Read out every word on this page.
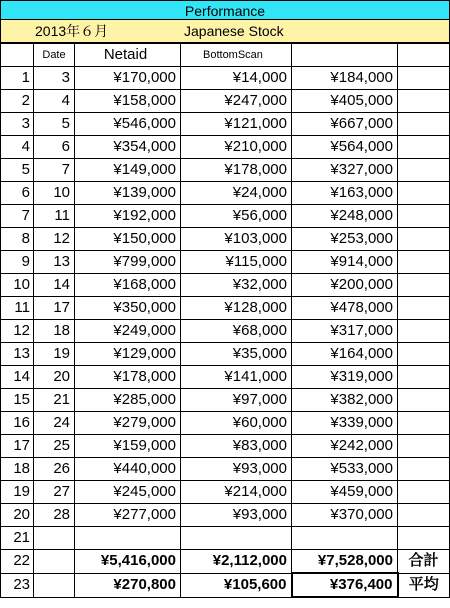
Performance
2013年６月	Japanese Stock
	Date	Netaid	BottomScan		
1	3	¥170,000	¥14,000	¥184,000	
2	4	¥158,000	¥247,000	¥405,000	
3	5	¥546,000	¥121,000	¥667,000	
4	6	¥354,000	¥210,000	¥564,000	
5	7	¥149,000	¥178,000	¥327,000	
6	10	¥139,000	¥24,000	¥163,000	
7	11	¥192,000	¥56,000	¥248,000	
8	12	¥150,000	¥103,000	¥253,000	
9	13	¥799,000	¥115,000	¥914,000	
10	14	¥168,000	¥32,000	¥200,000	
11	17	¥350,000	¥128,000	¥478,000	
12	18	¥249,000	¥68,000	¥317,000	
13	19	¥129,000	¥35,000	¥164,000	
14	20	¥178,000	¥141,000	¥319,000	
15	21	¥285,000	¥97,000	¥382,000	
16	24	¥279,000	¥60,000	¥339,000	
17	25	¥159,000	¥83,000	¥242,000	
18	26	¥440,000	¥93,000	¥533,000	
19	27	¥245,000	¥214,000	¥459,000	
20	28	¥277,000	¥93,000	¥370,000	
21					
22		¥5,416,000	¥2,112,000	¥7,528,000	合計
23		¥270,800	¥105,600	¥376,400	平均
